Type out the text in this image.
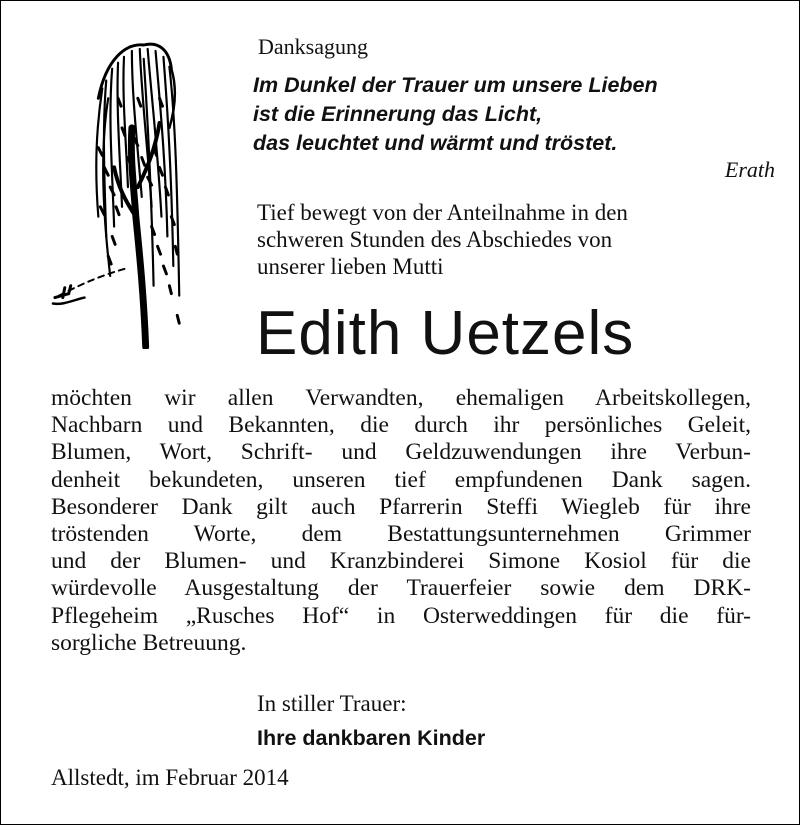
Danksagung
Im Dunkel der Trauer um unsere Lieben
ist die Erinnerung das Licht,
das leuchtet und wärmt und tröstet.
Erath
Tief bewegt von der Anteilnahme in den
schweren Stunden des Abschiedes von
unserer lieben Mutti
Edith Uetzels
möchten wir allen Verwandten, ehemaligen Arbeitskollegen,
Nachbarn und Bekannten, die durch ihr persönliches Geleit,
Blumen, Wort, Schrift- und Geldzuwendungen ihre Verbun-
denheit bekundeten, unseren tief empfundenen Dank sagen.
Besonderer Dank gilt auch Pfarrerin Steffi Wiegleb für ihre
tröstenden Worte, dem Bestattungsunternehmen Grimmer
und der Blumen- und Kranzbinderei Simone Kosiol für die
würdevolle Ausgestaltung der Trauerfeier sowie dem DRK-
Pflegeheim „Rusches Hof“ in Osterweddingen für die für-
sorgliche Betreuung.
In stiller Trauer:
Ihre dankbaren Kinder
Allstedt, im Februar 2014
